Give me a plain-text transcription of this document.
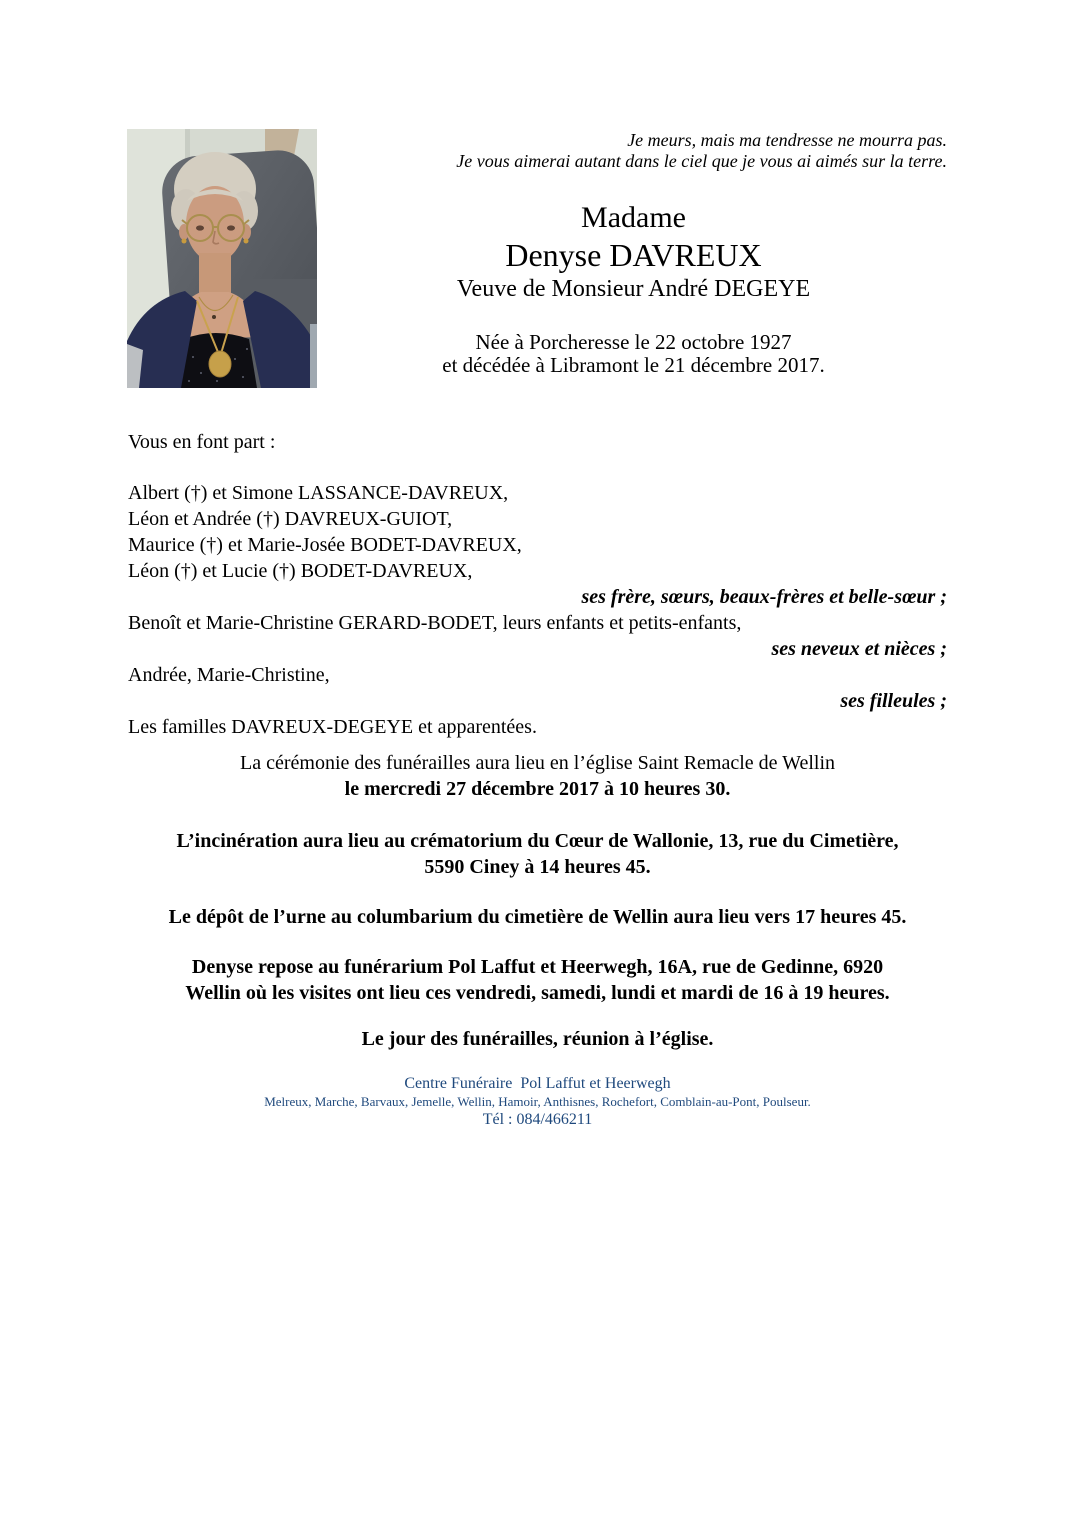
Je meurs, mais ma tendresse ne mourra pas.
Je vous aimerai autant dans le ciel que je vous ai aimés sur la terre.
Madame
Denyse DAVREUX
Veuve de Monsieur André DEGEYE
Née à Porcheresse le 22 octobre 1927
et décédée à Libramont le 21 décembre 2017.
Vous en font part :
Albert (†) et Simone LASSANCE-DAVREUX,
Léon et Andrée (†) DAVREUX-GUIOT,
Maurice (†) et Marie-Josée BODET-DAVREUX,
Léon (†) et Lucie (†) BODET-DAVREUX,
ses frère, sœurs, beaux-frères et belle-sœur ;
Benoît et Marie-Christine GERARD-BODET, leurs enfants et petits-enfants,
ses neveux et nièces ;
Andrée, Marie-Christine,
ses filleules ;
Les familles DAVREUX-DEGEYE et apparentées.
La cérémonie des funérailles aura lieu en l’église Saint Remacle de Wellin
le mercredi 27 décembre 2017 à 10 heures 30.
L’incinération aura lieu au crématorium du Cœur de Wallonie, 13, rue du Cimetière,
5590 Ciney à 14 heures 45.
Le dépôt de l’urne au columbarium du cimetière de Wellin aura lieu vers 17 heures 45.
Denyse repose au funérarium Pol Laffut et Heerwegh, 16A, rue de Gedinne, 6920
Wellin où les visites ont lieu ces vendredi, samedi, lundi et mardi de 16 à 19 heures.
Le jour des funérailles, réunion à l’église.
Centre Funéraire  Pol Laffut et Heerwegh
Melreux, Marche, Barvaux, Jemelle, Wellin, Hamoir, Anthisnes, Rochefort, Comblain-au-Pont, Poulseur.
Tél : 084/466211
